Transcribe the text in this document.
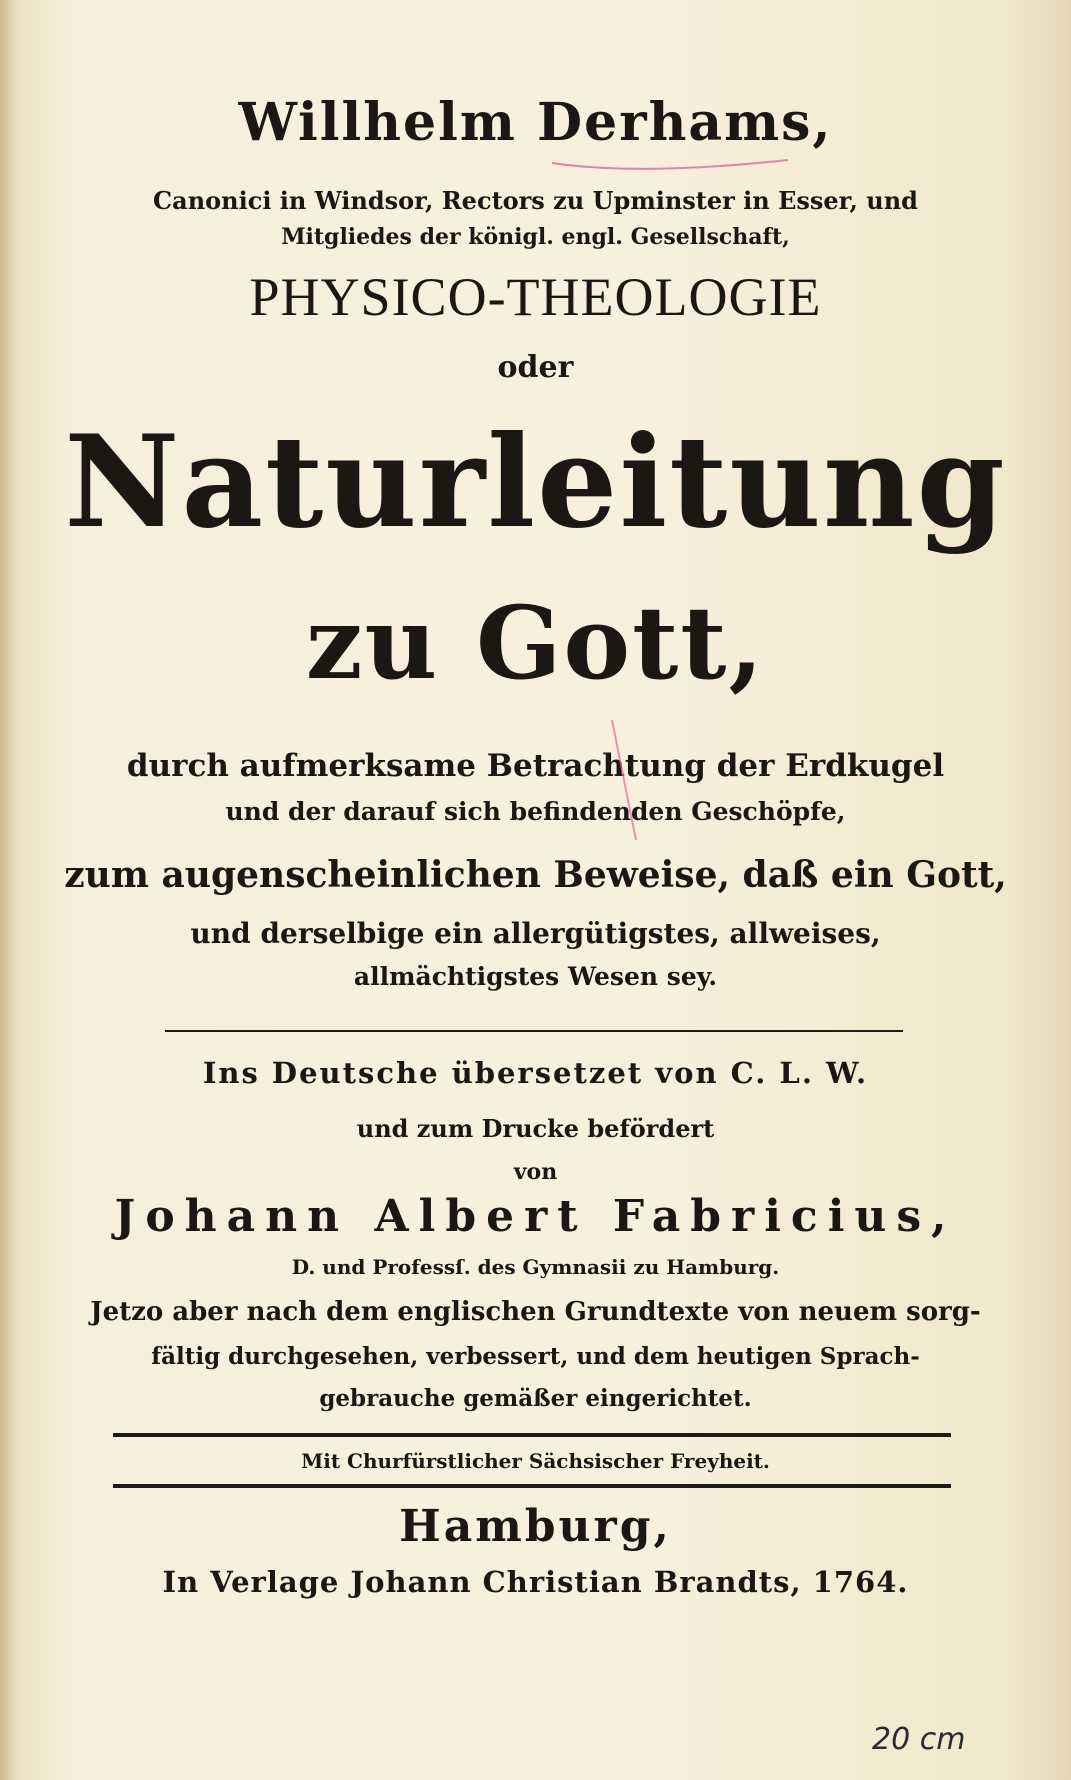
Willhelm Derhams,
Canonici in Windsor, Rectors zu Upminster in Esser, und
Mitgliedes der königl. engl. Gesellschaft,
PHYSICO-THEOLOGIE
oder
Naturleitung
zu Gott,
durch aufmerksame Betrachtung der Erdkugel
und der darauf sich befindenden Geschöpfe,
zum augenscheinlichen Beweise, daß ein Gott,
und derselbige ein allergütigstes, allweises,
allmächtigstes Wesen sey.
Ins Deutsche übersetzet von C. L. W.
und zum Drucke befördert
von
Johann Albert Fabricius,
D. und Professſ. des Gymnasii zu Hamburg.
Jetzo aber nach dem englischen Grundtexte von neuem sorg-
fältig durchgesehen, verbessert, und dem heutigen Sprach-
gebrauche gemäßer eingerichtet.
Mit Churfürstlicher Sächsischer Freyheit.
Hamburg,
In Verlage Johann Christian Brandts, 1764.
20 cm
